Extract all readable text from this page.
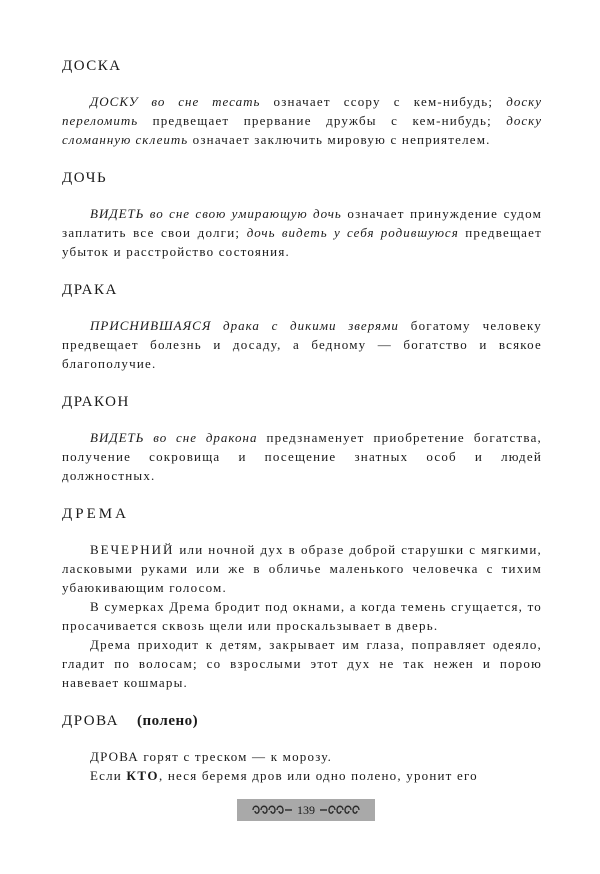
ДОСКА

ДОСКУ во сне тесать означает ссору с кем-нибудь; доску переломить предвещает прервание дружбы с кем-нибудь; доску сломанную склеить означает заключить мировую с неприятелем.

ДОЧЬ

ВИДЕТЬ во сне свою умирающую дочь означает принуждение судом заплатить все свои долги; дочь видеть у себя родившуюся предвещает убыток и расстройство состояния.

ДРАКА

ПРИСНИВШАЯСЯ драка с дикими зверями богатому человеку предвещает болезнь и досаду, а бедному — богатство и всякое благополучие.

ДРАКОН

ВИДЕТЬ во сне дракона предзнаменует приобретение богатства, получение сокровища и посещение знатных особ и людей должностных.

ДРЕМА

ВЕЧЕРНИЙ или ночной дух в образе доброй старушки с мягкими, ласковыми руками или же в обличье маленького человечка с тихим убаюкивающим голосом.

В сумерках Дрема бродит под окнами, а когда темень сгущается, то просачивается сквозь щели или проскальзывает в дверь.

Дрема приходит к детям, закрывает им глаза, поправляет одеяло, гладит по волосам; со взрослыми этот дух не так нежен и порою навевает кошмары.

ДРОВА (полено)

ДРОВА горят с треском — к морозу.

Если КТО, неся беремя дров или одно полено, уронит его

139
